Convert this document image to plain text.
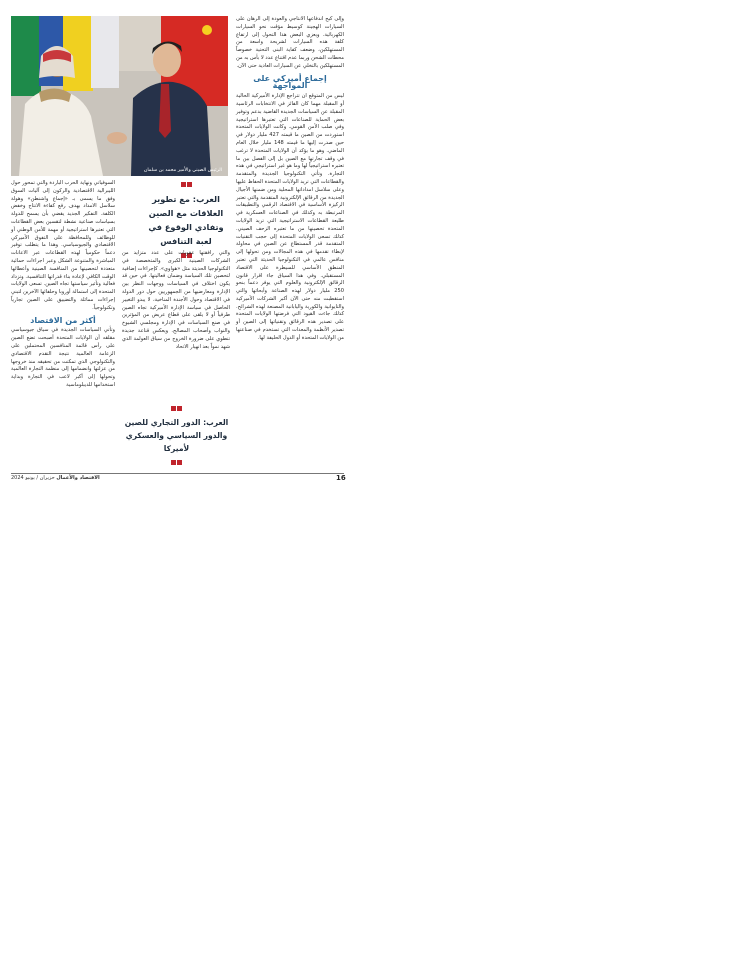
وإلى كبح اندفاعها الانتاجي والعودة إلى الرهان على السيارات الهجينة كوسيط مؤقت نحو السيارات الكهربائية. ويعزي البعض هذا التحول إلى ارتفاع كلفة هذه السيارات لشريحة واسعة من المستهلكين، وضعف كفاية البنى التحتية خصوصاً محطات الشحن وربما عدم اقتناع عدد لا بأس به من المستهلكين بالتخلي عن السيارات العادية حتى الآن.

إجماع أميركي على المواجهة

ليس من المتوقع ان تتراجع الإدارة الأميركية الحالية أو المقبلة مهما كان الفائز في الانتخابات الرئاسية المقبلة عن السياسات الجديدة القاضية بدعم وتوفير بعض الحماية للصناعات التي تعتبرها استراتيجية وفي صلب الأمن القومي. وكانت الولايات المتحدة استوردت من الصين ما قيمته 427 مليار دولار في حين صدرت إليها ما قيمته 148 مليار خلال العام الماضي. وهو ما يؤكد أن الولايات المتحدة لا ترغب في وقف تجارتها مع الصين بل إلى الفصل بين ما تعتبره استراتيجياً لها وما هو غير استراتيجي في هذه التجارة. وتأتي التكنولوجيا الجديدة والمتقدمة والقطاعات التي تريد الولايات المتحدة الحفاظ عليها وعلى سلاسل امداداتها المحلية ومن ضمنها الأجيال الجديدة من الرقائق الإلكترونية المتقدمة والتي تعتبر الركيزة الأساسية في الاقتصاد الرقمي والتطبيقات المرتبطة به وكذلك في الصناعات العسكرية في طليعة القطاعات الاستراتيجية التي تريد الولايات المتحدة تحصينها من ما تعتبره الزحف الصيني. كذلك تسعى الولايات المتحدة إلى حجب التقنيات المتقدمة قدر المستطاع عن الصين في محاولة لإبطاء تقدمها في هذه المجالات ومن تحولها إلى منافس عالمي في التكنولوجيا الحديثة التي تعتبر المنطق الأساسي للسيطرة على الاقتصاد المستقبلي. وفي هذا السياق جاء اقرار قانون الرقائق الإلكترونية والعلوم التي يوفر دعماً بنحو 250 مليار دولار لهذه الصناعة وأبحاثها والتي استقطبت منه حتى الآن أكبر الشركات الأميركية والتايوانية والكورية واليابانية المصنعة لهذه الشرائح. كذلك جاءت القيود التي فرضتها الولايات المتحدة على تصدير هذه الرقائق وتقنياتها إلى الصين أو تصدير الأنظمة والمعدات التي تستخدم في صناعتها من الولايات المتحدة أو الدول الحليفة لها.

الرئيس الصيني والأمير محمد بن سلمان
العرب: مع تطوير العلاقات مع الصين وتفادي الوقوع في لعبة التنافس

والتي رافقتها عقوبات على عدد متزايد من الشركات الصينية الكبرى والمتخصصة في التكنولوجيا الحديثة مثل «هواوي». كإجراءات إضافية لتحصين تلك السياسة وضمان فعاليتها. في حين قد يكون اختلاف في السياسات ووجهات النظر بين الإدارة ومعارضيها من الجمهوريين حول دور الدولة في الاقتصاد وحول الأجندة المناخية، لا يبدو التغيير الحاصل في سياسة الإدارة الأميركية تجاه الصين طرفياً أو لا يلقى على قطاع عريض من المؤثرين في صنع السياسات في الإدارة ومجلسي الشيوخ والنواب وأصحاب المصالح. ويعكس قناعة جديدة تنطوي على ضرورة الخروج من سياق العولمة الذي شهد نمواً بعد انهيار الاتحاد

العرب: الدور التجاري للصين والدور السياسي والعسكري لأميركا

السوفياتي ونهاية الحرب الباردة والتي تمحور حول الليبرالية الاقتصادية والركون إلى آليات السوق وفق ما يسمى بـ «إجماع واشنطن» وهولة سلاسل الامداد بهدف رفع كفاءة الانتاج وخفض الكلفة. التفكير الجديد يقضي بأن يسمح للدولة بسياسات صناعية نشطة لتقسين بعض القطاعات التي تعتبرها استراتيجية أو مهمة للأمن الوطني أو للوظائف وللمحافظة على التفوق الأميركي الاقتصادي والجيوسياسي. وهذا ما يتطلب توفير دعماً حكومياً لهذه القطاعات عبر الاعانات المباشرة والمتنوعة الشكل وعبر اجراءات حمائية متعددة لتحصينها من المنافسة الصينية وأعطائها الوقت الكافي لإعادة بناء قدراتها التنافسية. وتزداد فعالية وتأثير سياستها تجاه الصين. تسعى الولايات المتحدة إلى استمالة أوروبا وحلفائها الآخرين لتبني إجراءات مماثلة والتضييق على الصين تجارياً وتكنولوجياً.

أكثر من الاقتصاد

وتأتي السياسات الجديدة في سياق جيوسياسي مقلقه أن الولايات المتحدة أصبحت تضع الصين على رأس قائمة المنافسين المحتملين على الزعامة العالمية نتيجة التقدم الاقتصادي والتكنولوجي الذي تمكنت من تحقيقه منذ خروجها من عزلتها وانضمامها إلى منظمة التجارة العالمية وتحولها إلى أكبر لاعب في التجارة وبداية استخدامها للديبلوماسية

16
الاقتصاد والأعمال حزيران / يونيو 2024
